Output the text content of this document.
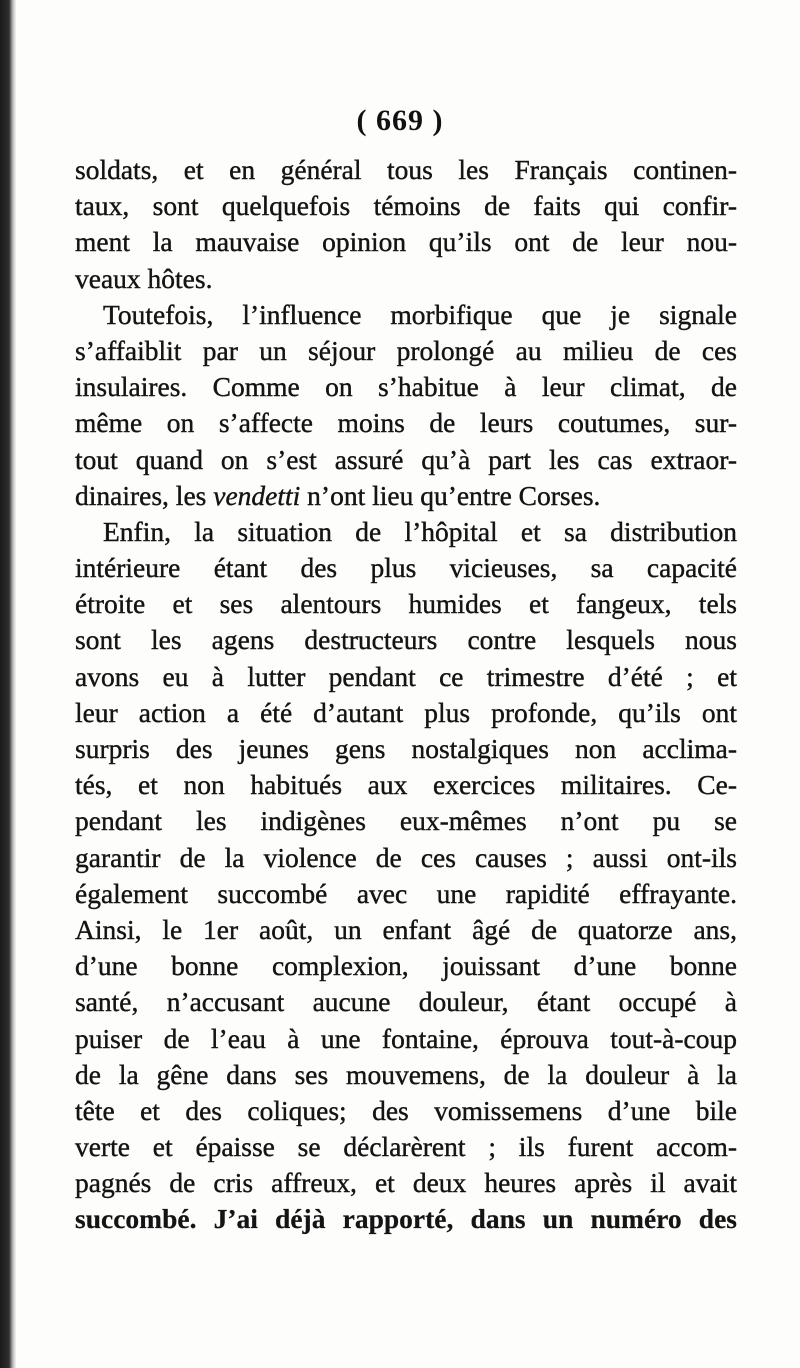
( 669 )
soldats, et en général tous les Français continen-
taux, sont quelquefois témoins de faits qui confir-
ment la mauvaise opinion qu’ils ont de leur nou-
veaux hôtes.
Toutefois, l’influence morbifique que je signale
s’affaiblit par un séjour prolongé au milieu de ces
insulaires. Comme on s’habitue à leur climat, de
même on s’affecte moins de leurs coutumes, sur-
tout quand on s’est assuré qu’à part les cas extraor-
dinaires, les vendetti n’ont lieu qu’entre Corses.
Enfin, la situation de l’hôpital et sa distribution
intérieure étant des plus vicieuses, sa capacité
étroite et ses alentours humides et fangeux, tels
sont les agens destructeurs contre lesquels nous
avons eu à lutter pendant ce trimestre d’été ; et
leur action a été d’autant plus profonde, qu’ils ont
surpris des jeunes gens nostalgiques non acclima-
tés, et non habitués aux exercices militaires. Ce-
pendant les indigènes eux-mêmes n’ont pu se
garantir de la violence de ces causes ; aussi ont-ils
également succombé avec une rapidité effrayante.
Ainsi, le 1er août, un enfant âgé de quatorze ans,
d’une bonne complexion, jouissant d’une bonne
santé, n’accusant aucune douleur, étant occupé à
puiser de l’eau à une fontaine, éprouva tout-à-coup
de la gêne dans ses mouvemens, de la douleur à la
tête et des coliques; des vomissemens d’une bile
verte et épaisse se déclarèrent ; ils furent accom-
pagnés de cris affreux, et deux heures après il avait
succombé. J’ai déjà rapporté, dans un numéro des
